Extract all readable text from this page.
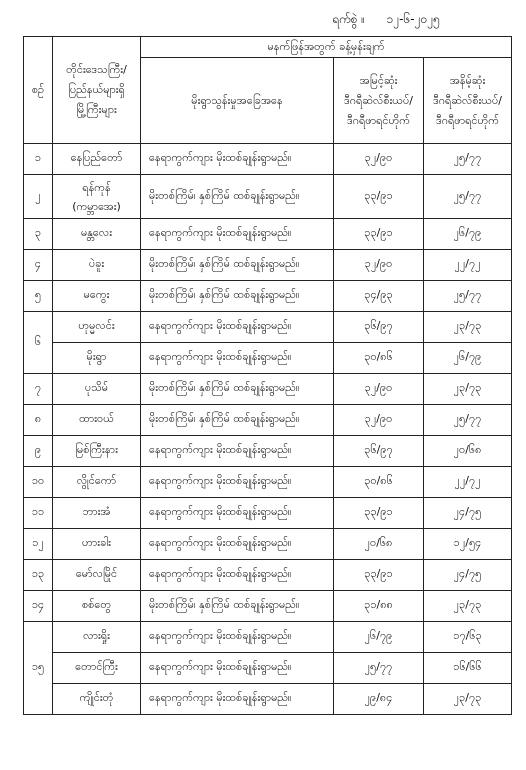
ရက်စွဲ ။ ၁၂-၆-၂၀၂၅
စဉ်	တိုင်းဒေသကြီး/
ပြည်နယ်များရှိ
မြို့ကြီးများ	မနက်ဖြန်အတွက် ခန့်မှန်းချက်		
		မိုးရွာသွန်းမှုအခြေအနေ	အမြင့်ဆုံး
ဒီဂရီဆဲလ်စီးယပ်/
ဒီဂရီဖာရင်ဟိုက်	အနိမ့်ဆုံး
ဒီဂရီဆဲလ်စီးယပ်/
ဒီဂရီဖာရင်ဟိုက်

၁	နေပြည်တော်	နေရာကွက်ကျား မိုးထစ်ချုန်းရွာမည်။	၃၂/၉၀	၂၅/၇၇
၂	ရန်ကုန်
(ကမ္ဘာအေး)	မိုးတစ်ကြိမ်၊ နှစ်ကြိမ် ထစ်ချုန်းရွာမည်။	၃၃/၉၁	၂၅/၇၇
၃	မန္တလေး	နေရာကွက်ကျား မိုးထစ်ချုန်းရွာမည်။	၃၃/၉၁	၂၆/၇၉
၄	ပဲခူး	မိုးတစ်ကြိမ်၊ နှစ်ကြိမ် ထစ်ချုန်းရွာမည်။	၃၂/၉၀	၂၂/၇၂
၅	မကွေး	မိုးတစ်ကြိမ်၊ နှစ်ကြိမ် ထစ်ချုန်းရွာမည်။	၃၄/၉၃	၂၅/၇၇
၆	ဟုမ္မလင်း	နေရာကွက်ကျား မိုးထစ်ချုန်းရွာမည်။	၃၆/၉၇	၂၃/၇၃

	မိုးရွာ	နေရာကွက်ကျား မိုးထစ်ချုန်းရွာမည်။	၃၀/၈၆	၂၆/၇၉
၇	ပုသိမ်	မိုးတစ်ကြိမ်၊ နှစ်ကြိမ် ထစ်ချုန်းရွာမည်။	၃၂/၉၀	၂၃/၇၃
၈	ထားဝယ်	မိုးတစ်ကြိမ်၊ နှစ်ကြိမ် ထစ်ချုန်းရွာမည်။	၃၂/၉၀	၂၅/၇၇
၉	မြစ်ကြီးနား	နေရာကွက်ကျား မိုးထစ်ချုန်းရွာမည်။	၃၆/၉၇	၂၀/၆၈
၁၀	လွိုင်ကော်	နေရာကွက်ကျား မိုးထစ်ချုန်းရွာမည်။	၃၀/၈၆	၂၂/၇၂
၁၁	ဘားအံ	နေရာကွက်ကျား မိုးထစ်ချုန်းရွာမည်။	၃၃/၉၁	၂၄/၇၅
၁၂	ဟားခါး	နေရာကွက်ကျား မိုးထစ်ချုန်းရွာမည်။	၂၀/၆၈	၁၂/၅၄
၁၃	မော်လမြိုင်	နေရာကွက်ကျား မိုးထစ်ချုန်းရွာမည်။	၃၃/၉၁	၂၄/၇၅
၁၄	စစ်တွေ	မိုးတစ်ကြိမ်၊ နှစ်ကြိမ် ထစ်ချုန်းရွာမည်။	၃၁/၈၈	၂၃/၇၃
၁၅	လားရှိုး	နေရာကွက်ကျား မိုးထစ်ချုန်းရွာမည်။	၂၆/၇၉	၁၇/၆၃

	တောင်ကြီး	နေရာကွက်ကျား မိုးထစ်ချုန်းရွာမည်။	၂၅/၇၇	၁၆/၆၆

	ကျိုင်းတုံ	နေရာကွက်ကျား မိုးထစ်ချုန်းရွာမည်။	၂၉/၈၄	၂၃/၇၃
